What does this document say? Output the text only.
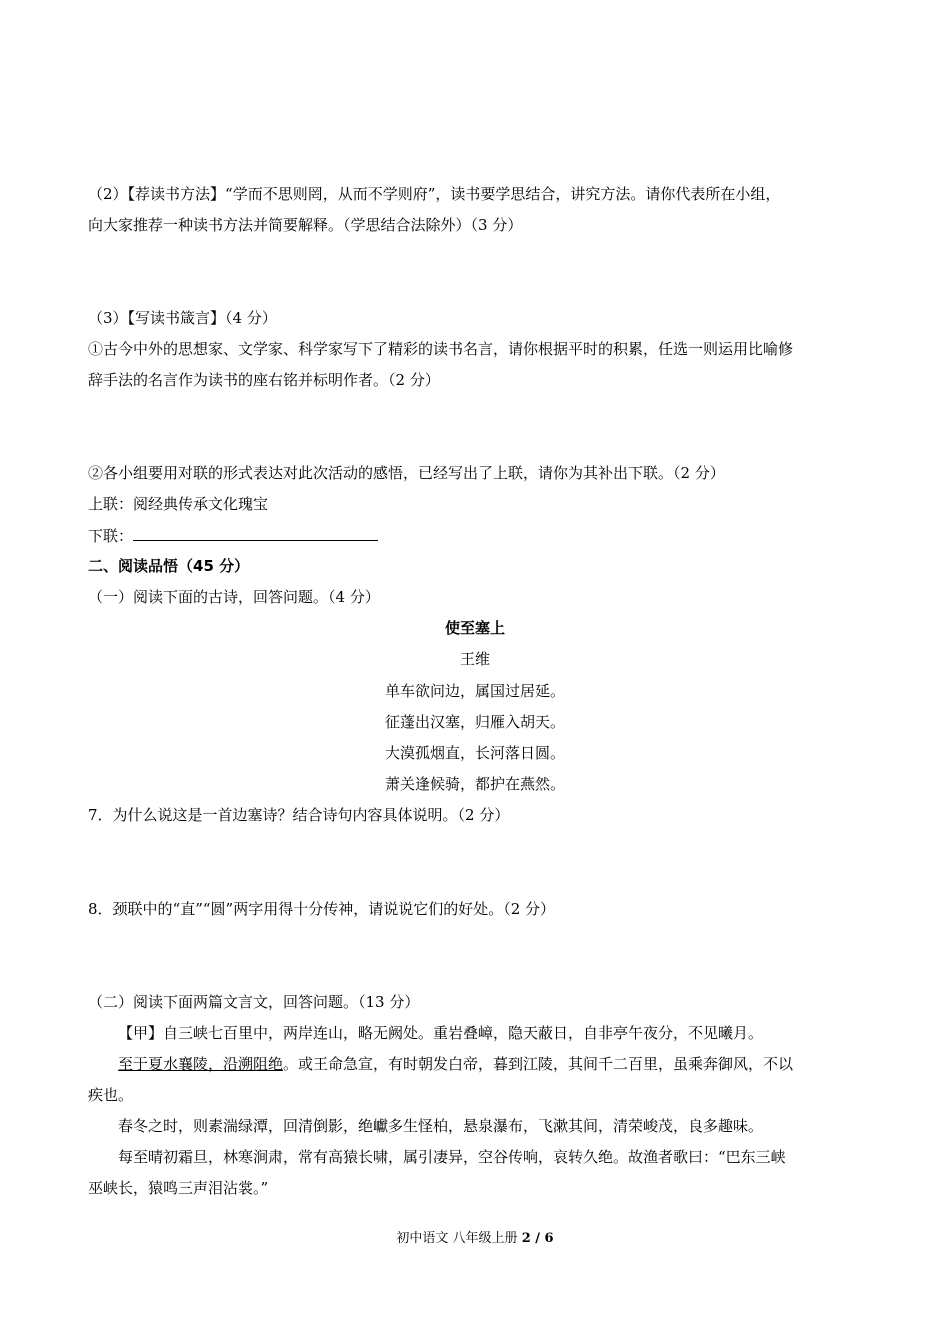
（2）【荐读书方法】“学而不思则罔，从而不学则府”，读书要学思结合，讲究方法。请你代表所在小组，
向大家推荐一种读书方法并简要解释。（学思结合法除外）（3 分）
（3）【写读书箴言】（4 分）
①古今中外的思想家、文学家、科学家写下了精彩的读书名言，请你根据平时的积累，任选一则运用比喻修
辞手法的名言作为读书的座右铭并标明作者。（2 分）
②各小组要用对联的形式表达对此次活动的感悟，已经写出了上联，请你为其补出下联。（2 分）
上联：阅经典传承文化瑰宝
下联：
二、阅读品悟（45 分）
（一）阅读下面的古诗，回答问题。（4 分）
使至塞上
王维
单车欲问边，属国过居延。
征蓬出汉塞，归雁入胡天。
大漠孤烟直，长河落日圆。
萧关逢候骑，都护在燕然。
7．为什么说这是一首边塞诗？结合诗句内容具体说明。（2 分）
8．颈联中的“直”“圆”两字用得十分传神，请说说它们的好处。（2 分）
（二）阅读下面两篇文言文，回答问题。（13 分）
【甲】自三峡七百里中，两岸连山，略无阙处。重岩叠嶂，隐天蔽日，自非亭午夜分，不见曦月。
至于夏水襄陵，沿溯阻绝。或王命急宣，有时朝发白帝，暮到江陵，其间千二百里，虽乘奔御风，不以
疾也。
春冬之时，则素湍绿潭，回清倒影，绝巘多生怪柏，悬泉瀑布，飞漱其间，清荣峻茂，良多趣味。
每至晴初霜旦，林寒涧肃，常有高猿长啸，属引凄异，空谷传响，哀转久绝。故渔者歌曰：“巴东三峡
巫峡长，猿鸣三声泪沾裳。”
初中语文 八年级上册 2 / 6
